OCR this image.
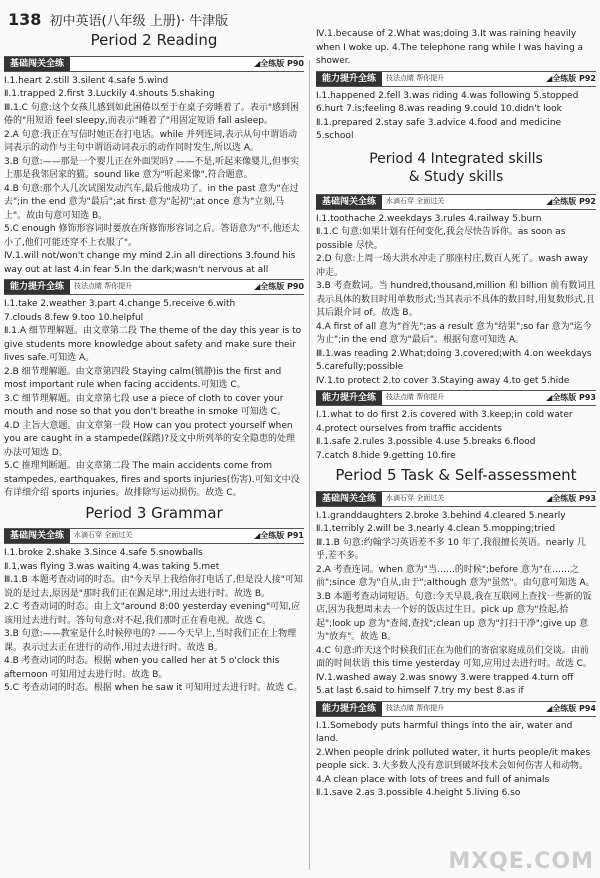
138 初中英语(八年级 上册)· 牛津版
Period 2 Reading
基础闯关全练	◢全练版 P90
Ⅰ.1.heart 2.still 3.silent 4.safe 5.wind
Ⅱ.1.trapped 2.first 3.Luckily 4.shouts 5.shaking
Ⅲ.1.C 句意:这个女孩儿感到如此困倦以至于在桌子旁睡着了。表示"感到困倦的"用短语 feel sleepy,而表示"睡着了"用固定短语 fall asleep。
2.A 句意:我正在写信时她正在打电话。while 并列连词,表示从句中谓语动词表示的动作与主句中谓语动词表示的动作同时发生,所以选 A。
3.B 句意:——那是一个婴儿正在外面哭吗? ——不是,听起来像婴儿,但事实上那是我邻居家的猫。sound like 意为"听起来像",符合题意。
4.B 句意:那个人几次试图发动汽车,最后他成功了。in the past 意为"在过去";in the end 意为"最后";at first 意为"起初";at once 意为"立刻,马上"。故由句意可知选 B。
5.C enough 修饰形容词时要放在所修饰形容词之后。答语意为"不,他还太小了,他们可能还穿不上衣服了"。
Ⅳ.1.will not/won't change my mind 2.in all directions 3.found his way out at last 4.in fear 5.In the dark;wasn't nervous at all
能力提升全练	技法点睛 帮你提升	◢全练版 P90
Ⅰ.1.take 2.weather 3.part 4.change 5.receive 6.with
7.clouds 8.few 9.too 10.helpful
Ⅱ.1.A 细节理解题。由文章第二段 The theme of the day this year is to give students more knowledge about safety and make sure their lives safe.可知选 A。
2.B 细节理解题。由文章第四段 Staying calm(镇静)is the first and most important rule when facing accidents.可知选 C。
3.C 细节理解题。由文章第七段 use a piece of cloth to cover your mouth and nose so that you don't breathe in smoke 可知选 C。
4.D 主旨大意题。由文章第一段 How can you protect yourself when you are caught in a stampede(踩踏)?及文中所列举的安全隐患的处理办法可知选 D。
5.C 推理判断题。由文章第二段 The main accidents come from stampedes, earthquakes, fires and sports injuries(伤害).可知文中没有详细介绍 sports injuries。故排除写运动损伤。故选 C。
Period 3 Grammar
基础闯关全练	水滴石穿 全面过关	◢全练版 P91
Ⅰ.1.broke 2.shake 3.Since 4.safe 5.snowballs
Ⅱ.1.was flying 3.was waiting 4.was taking 5.met
Ⅲ.1.B 本题考查动词的时态。由"今天早上我给你打电话了,但是没人接"可知说的是过去,原因是"那时我们正在踢足球",用过去进行时。故选 B。
2.C 考查动词的时态。由上文"around 8:00 yesterday evening"可知,应该用过去进行时。答句句意:对不起,我们那时正在看电视。故选 C。
3.B 句意:——教室是什么时候停电的? ——今天早上,当时我们正在上物理课。表示过去正在进行的动作,用过去进行时。故选 B。
4.B 考查动词的时态。根据 when you called her at 5 o'clock this afternoon 可知用过去进行时。故选 B。
5.C 考查动词的时态。根据 when he saw it 可知用过去进行时。故选 C。
Ⅳ.1.because of 2.What was;doing 3.It was raining heavily when I woke up. 4.The telephone rang while I was having a shower.
能力提升全练	技法点睛 帮你提升	◢全练版 P92
Ⅰ.1.happened 2.fell 3.was riding 4.was following 5.stopped
6.hurt 7.is;feeling 8.was reading 9.could 10.didn't look
Ⅱ.1.prepared 2.stay safe 3.advice 4.food and medicine
5.school
Period 4 Integrated skills
& Study skills
基础闯关全练	水滴石穿 全面过关	◢全练版 P92
Ⅰ.1.toothache 2.weekdays 3.rules 4.railway 5.burn
Ⅱ.1.C 句意:如果计划有任何变化,我会尽快告诉你。as soon as possible 尽快。
2.D 句意:上周一场大洪水冲走了那座村庄,数百人死了。wash away 冲走。
3.B 考查数词。当 hundred,thousand,million 和 billion 前有数词且表示具体的数目时用单数形式;当其表示不具体的数目时,用复数形式,且其后跟介词 of。故选 B。
4.A first of all 意为"首先";as a result 意为"结果";so far 意为"迄今为止";in the end 意为"最后"。根据句意可知选 A。
Ⅲ.1.was reading 2.What;doing 3.covered;with 4.on weekdays 5.carefully;possible
Ⅳ.1.to protect 2.to cover 3.Staying away 4.to get 5.hide
能力提升全练	技法点睛 帮你提升	◢全练版 P93
Ⅰ.1.what to do first 2.is covered with 3.keep;in cold water
4.protect ourselves from traffic accidents
Ⅱ.1.safe 2.rules 3.possible 4.use 5.breaks 6.flood
7.catch 8.hide 9.getting 10.fire
Period 5 Task & Self-assessment
基础闯关全练	水滴石穿 全面过关	◢全练版 P93
Ⅰ.1.granddaughters 2.broke 3.behind 4.cleared 5.nearly
Ⅱ.1.terribly 2.will be 3.nearly 4.clean 5.mopping;tried
Ⅲ.1.B 句意:约翰学习英语差不多 10 年了,我很擅长英语。nearly 几乎,差不多。
2.A 考查连词。when 意为"当……的时候";before 意为"在……之前";since 意为"自从,由于";although 意为"虽然"。由句意可知选 A。
3.B 本题考查动词短语。句意:今天早晨,我在互联网上查找一些新的饭店,因为我想周末去一个好的饭店过生日。pick up 意为"捡起,拾起";look up 意为"查阅,查找";clean up 意为"打扫干净";give up 意为"放弃"。故选 B。
4.C 句意:昨天这个时候我们正在为他们的寄宿家庭成员们交谈。由前面的时间状语 this time yesterday 可知,应用过去进行时。故选 C。
Ⅳ.1.washed away 2.was snowy 3.were trapped 4.turn off
5.at last 6.said to himself 7.try my best 8.as if
能力提升全练	技法点睛 帮你提升	◢全练版 P94
Ⅰ.1.Somebody puts harmful things into the air, water and land.
2.When people drink polluted water, it hurts people/it makes people sick. 3.大多数人没有意识到破坏技术会如何伤害人和动物。 4.A clean place with lots of trees and full of animals
Ⅱ.1.save 2.as 3.possible 4.height 5.living 6.so
MXQE.COM
